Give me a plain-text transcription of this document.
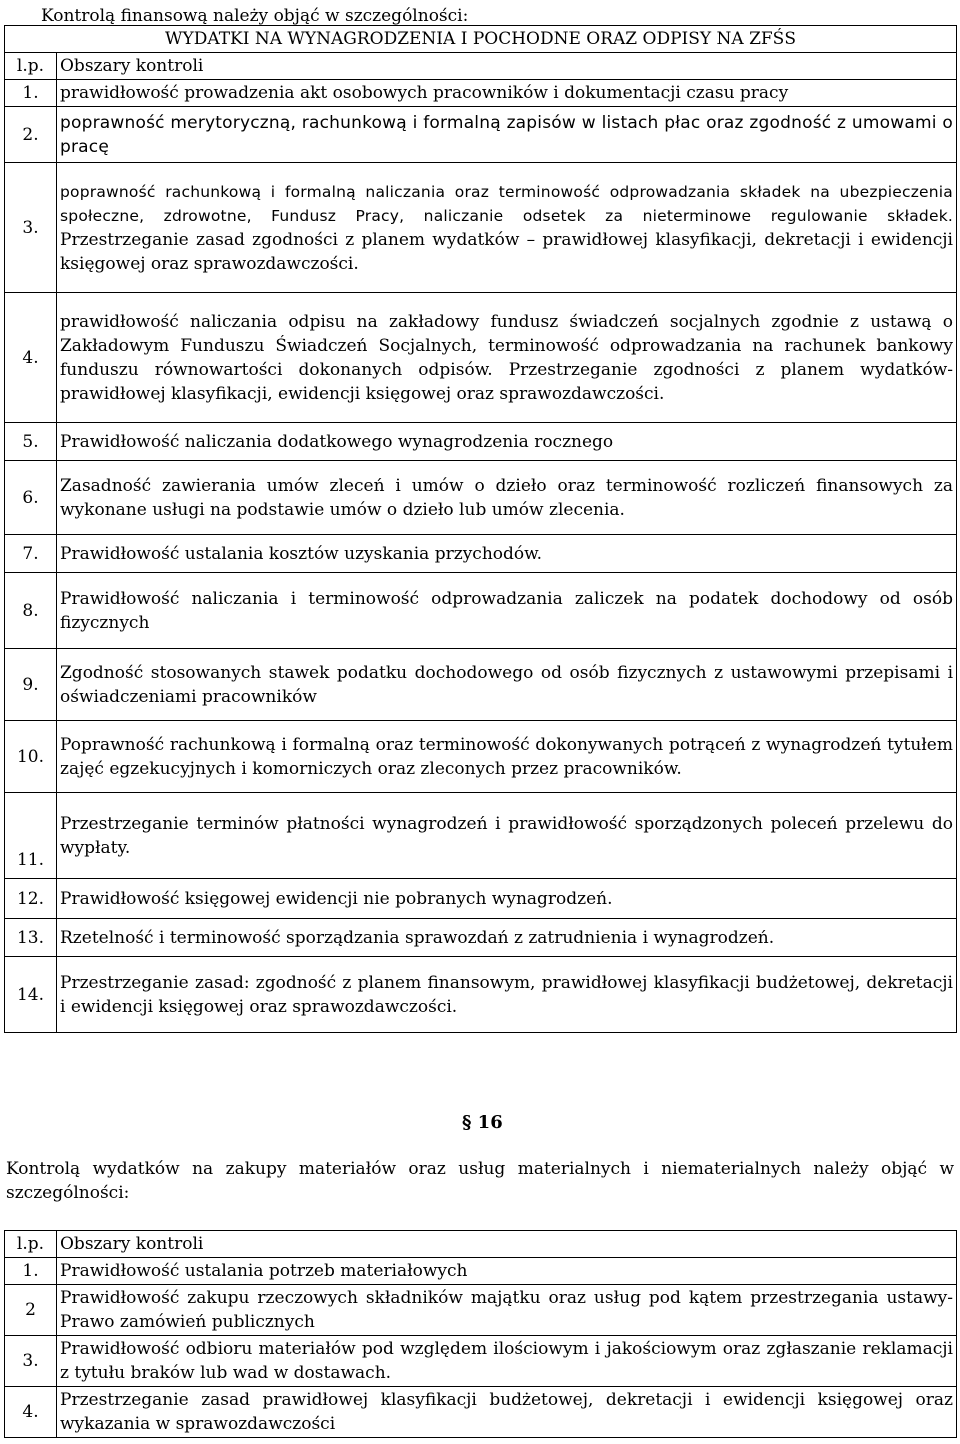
Kontrolą finansową należy objąć w szczególności:
WYDATKI NA WYNAGRODZENIA I POCHODNE ORAZ ODPISY NA ZFŚS	
l.p.	Obszary kontroli
1.	prawidłowość prowadzenia akt osobowych pracowników i dokumentacji czasu pracy
2.	poprawność merytoryczną, rachunkową i formalną zapisów w listach płac oraz zgodność z umowami o pracę
3.	poprawność rachunkową i formalną naliczania oraz terminowość odprowadzania składek na ubezpieczenia społeczne, zdrowotne, Fundusz Pracy, naliczanie odsetek za nieterminowe regulowanie składek. Przestrzeganie zasad zgodności z planem wydatków – prawidłowej klasyfikacji, dekretacji i ewidencji księgowej oraz sprawozdawczości.
4.	prawidłowość naliczania odpisu na zakładowy fundusz świadczeń socjalnych zgodnie z ustawą o Zakładowym Funduszu Świadczeń Socjalnych, terminowość odprowadzania na rachunek bankowy funduszu równowartości dokonanych odpisów. Przestrzeganie zgodności z planem wydatków-prawidłowej klasyfikacji, ewidencji księgowej oraz sprawozdawczości.
5.	Prawidłowość naliczania dodatkowego wynagrodzenia rocznego
6.	Zasadność zawierania umów zleceń i umów o dzieło oraz terminowość rozliczeń finansowych za wykonane usługi na podstawie umów o dzieło lub umów zlecenia.
7.	Prawidłowość ustalania kosztów uzyskania przychodów.
8.	Prawidłowość naliczania i terminowość odprowadzania zaliczek na podatek dochodowy od osób fizycznych
9.	Zgodność stosowanych stawek podatku dochodowego od osób fizycznych z ustawowymi przepisami i oświadczeniami pracowników
10.	Poprawność rachunkową i formalną oraz terminowość dokonywanych potrąceń z wynagrodzeń tytułem zajęć egzekucyjnych i komorniczych oraz zleconych przez pracowników.
11.	Przestrzeganie terminów płatności wynagrodzeń i prawidłowość sporządzonych poleceń przelewu do wypłaty.
12.	Prawidłowość księgowej ewidencji nie pobranych wynagrodzeń.
13.	Rzetelność i terminowość sporządzania sprawozdań z zatrudnienia i wynagrodzeń.
14.	Przestrzeganie zasad: zgodność z planem finansowym, prawidłowej klasyfikacji budżetowej, dekretacji i ewidencji księgowej oraz sprawozdawczości.
§ 16
Kontrolą wydatków na zakupy materiałów oraz usług materialnych i niematerialnych należy objąć w szczególności:
l.p.	Obszary kontroli
1.	Prawidłowość ustalania potrzeb materiałowych
2	Prawidłowość zakupu rzeczowych składników majątku oraz usług pod kątem przestrzegania ustawy-Prawo zamówień publicznych
3.	Prawidłowość odbioru materiałów pod względem ilościowym i jakościowym oraz zgłaszanie reklamacji z tytułu braków lub wad w dostawach.
4.	Przestrzeganie zasad prawidłowej klasyfikacji budżetowej, dekretacji i ewidencji księgowej oraz wykazania w sprawozdawczości
